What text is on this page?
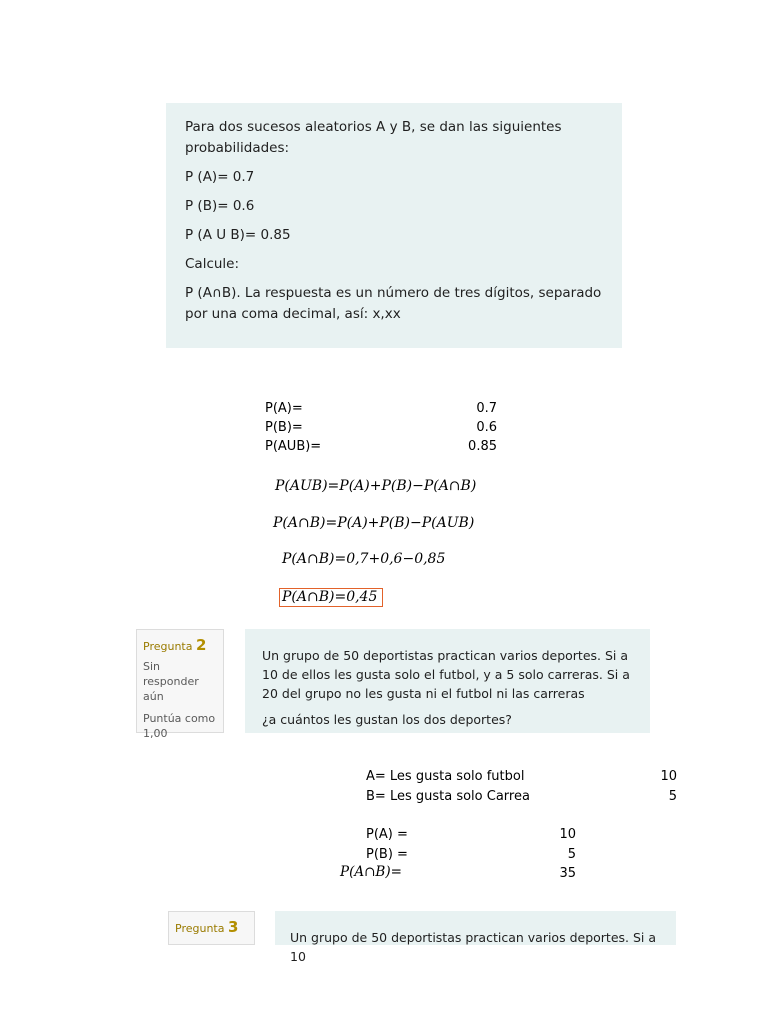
Para dos sucesos aleatorios A y B, se dan las siguientes probabilidades:

P (A)= 0.7

P (B)= 0.6

P (A U B)= 0.85

Calcule:

P (A∩B). La respuesta es un número de tres dígitos, separado por una coma decimal, así: x,xx

P(A)=	0.7
P(B)=	0.6
P(AUB)=	0.85
P(AUB)=P(A)+P(B)−P(A∩B)
P(A∩B)=P(A)+P(B)−P(AUB)
P(A∩B)=0,7+0,6−0,85
P(A∩B)=0,45
Pregunta 2
Sin responder aún
Puntúa como 1,00

Un grupo de 50 deportistas practican varios deportes. Si a 10 de ellos les gusta solo el futbol, y a 5 solo carreras. Si a 20 del grupo no les gusta ni el futbol ni las carreras

¿a cuántos les gustan los dos deportes?

A= Les gusta solo futbol	10
B= Les gusta solo Carrea	5
P(A) =	10
P(B) =	5
P(A∩B)=	35
Pregunta 3

Un grupo de 50 deportistas practican varios deportes. Si a 10
